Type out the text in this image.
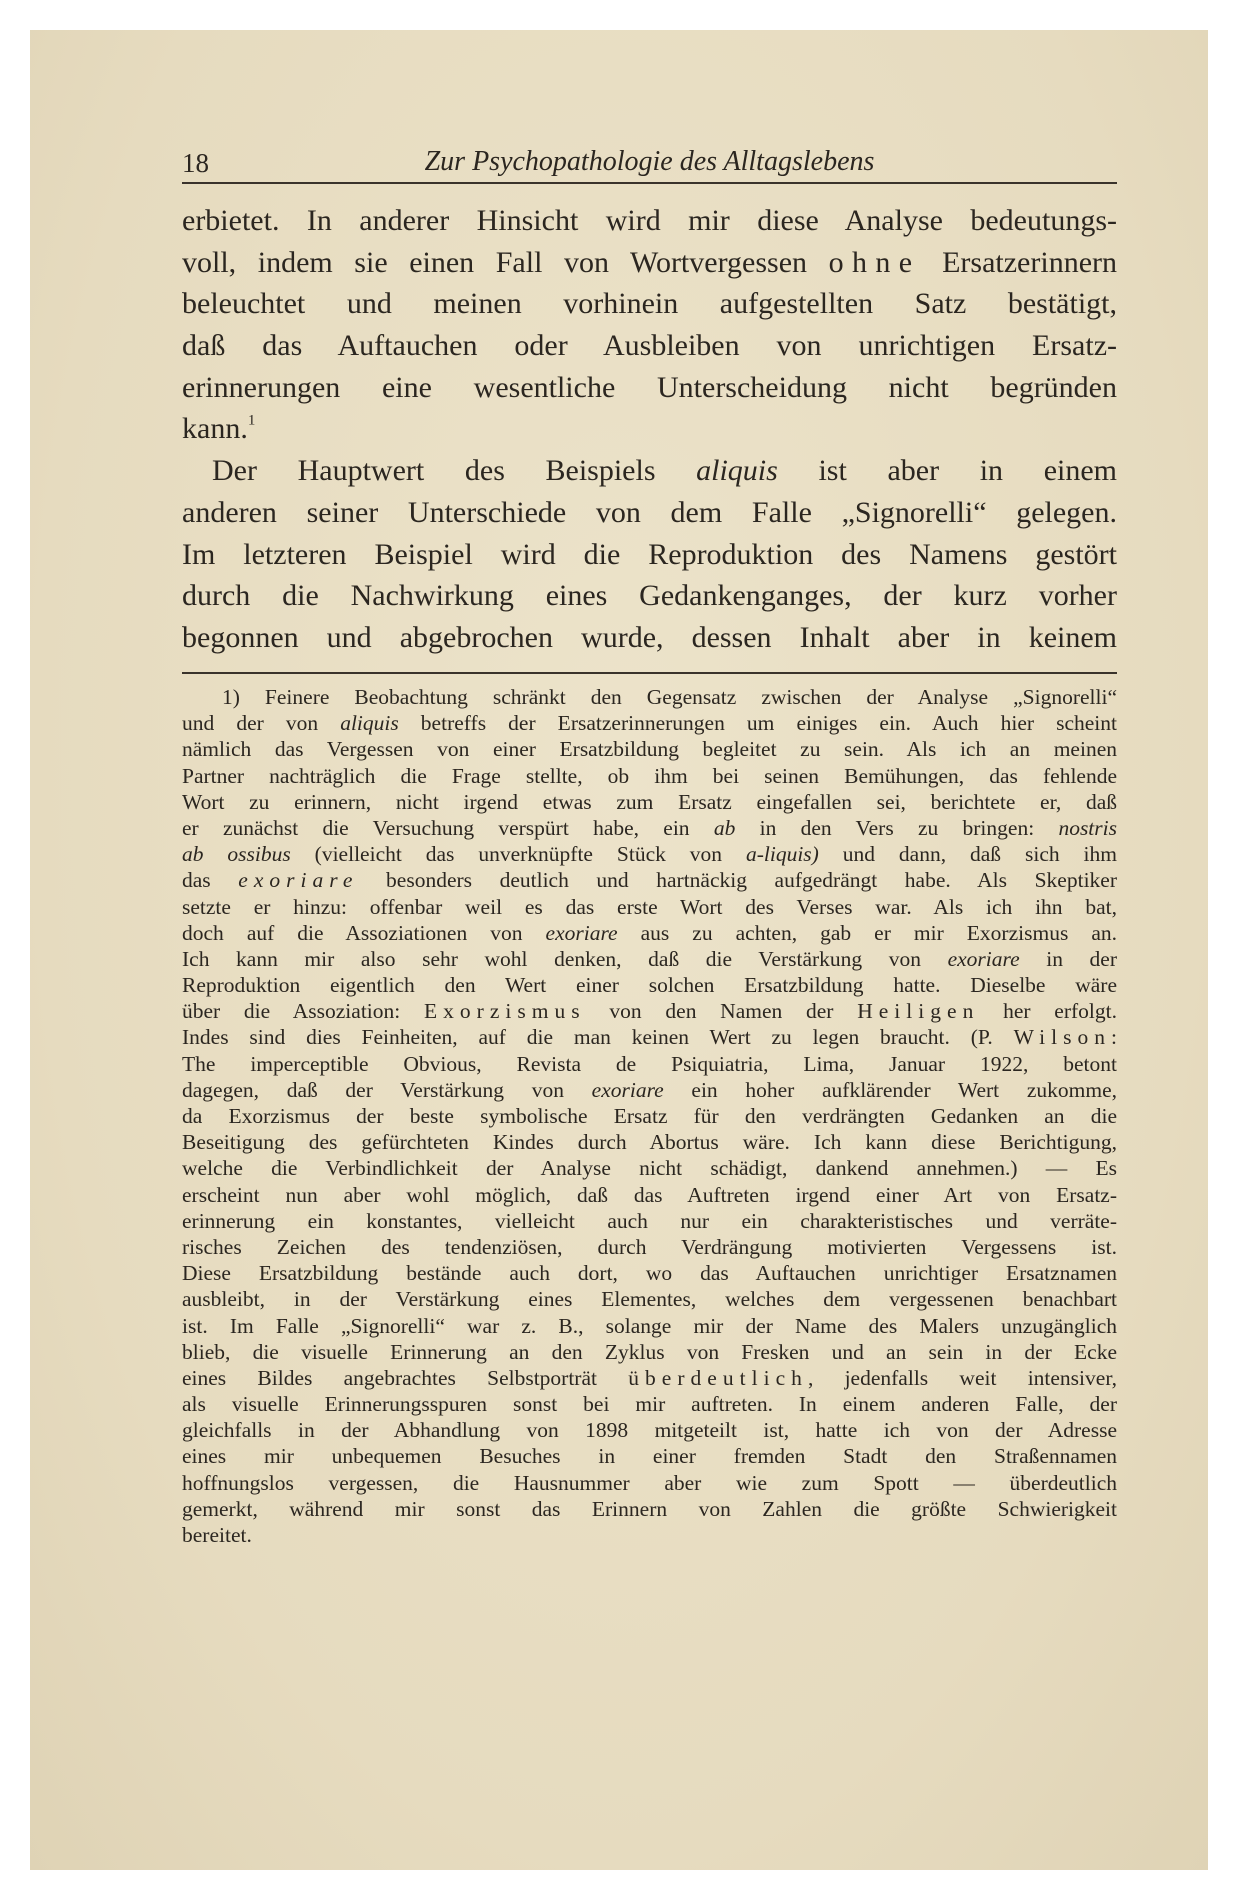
18	Zur Psychopathologie des Alltagslebens
erbietet. In anderer Hinsicht wird mir diese Analyse bedeutungs-
voll, indem sie einen Fall von Wortvergessen ohne Ersatzerinnern
beleuchtet und meinen vorhinein aufgestellten Satz bestätigt,
daß das Auftauchen oder Ausbleiben von unrichtigen Ersatz-
erinnerungen eine wesentliche Unterscheidung nicht begründen
kann.$^1$
Der Hauptwert des Beispiels aliquis ist aber in einem
anderen seiner Unterschiede von dem Falle „Signorelli“ gelegen.
Im letzteren Beispiel wird die Reproduktion des Namens gestört
durch die Nachwirkung eines Gedankenganges, der kurz vorher
begonnen und abgebrochen wurde, dessen Inhalt aber in keinem
1) Feinere Beobachtung schränkt den Gegensatz zwischen der Analyse „Signorelli“
und der von aliquis betreffs der Ersatzerinnerungen um einiges ein. Auch hier scheint
nämlich das Vergessen von einer Ersatzbildung begleitet zu sein. Als ich an meinen
Partner nachträglich die Frage stellte, ob ihm bei seinen Bemühungen, das fehlende
Wort zu erinnern, nicht irgend etwas zum Ersatz eingefallen sei, berichtete er, daß
er zunächst die Versuchung verspürt habe, ein ab in den Vers zu bringen: nostris
ab ossibus (vielleicht das unverknüpfte Stück von a-liquis) und dann, daß sich ihm
das exoriare besonders deutlich und hartnäckig aufgedrängt habe. Als Skeptiker
setzte er hinzu: offenbar weil es das erste Wort des Verses war. Als ich ihn bat,
doch auf die Assoziationen von exoriare aus zu achten, gab er mir Exorzismus an.
Ich kann mir also sehr wohl denken, daß die Verstärkung von exoriare in der
Reproduktion eigentlich den Wert einer solchen Ersatzbildung hatte. Dieselbe wäre
über die Assoziation: Exorzismus von den Namen der Heiligen her erfolgt.
Indes sind dies Feinheiten, auf die man keinen Wert zu legen braucht. (P. Wilson:
The imperceptible Obvious, Revista de Psiquiatria, Lima, Januar 1922, betont
dagegen, daß der Verstärkung von exoriare ein hoher aufklärender Wert zukomme,
da Exorzismus der beste symbolische Ersatz für den verdrängten Gedanken an die
Beseitigung des gefürchteten Kindes durch Abortus wäre. Ich kann diese Berichtigung,
welche die Verbindlichkeit der Analyse nicht schädigt, dankend annehmen.) — Es
erscheint nun aber wohl möglich, daß das Auftreten irgend einer Art von Ersatz-
erinnerung ein konstantes, vielleicht auch nur ein charakteristisches und verräte-
risches Zeichen des tendenziösen, durch Verdrängung motivierten Vergessens ist.
Diese Ersatzbildung bestände auch dort, wo das Auftauchen unrichtiger Ersatznamen
ausbleibt, in der Verstärkung eines Elementes, welches dem vergessenen benachbart
ist. Im Falle „Signorelli“ war z. B., solange mir der Name des Malers unzugänglich
blieb, die visuelle Erinnerung an den Zyklus von Fresken und an sein in der Ecke
eines Bildes angebrachtes Selbstporträt überdeutlich, jedenfalls weit intensiver,
als visuelle Erinnerungsspuren sonst bei mir auftreten. In einem anderen Falle, der
gleichfalls in der Abhandlung von 1898 mitgeteilt ist, hatte ich von der Adresse
eines mir unbequemen Besuches in einer fremden Stadt den Straßennamen
hoffnungslos vergessen, die Hausnummer aber wie zum Spott — überdeutlich
gemerkt, während mir sonst das Erinnern von Zahlen die größte Schwierigkeit
bereitet.
